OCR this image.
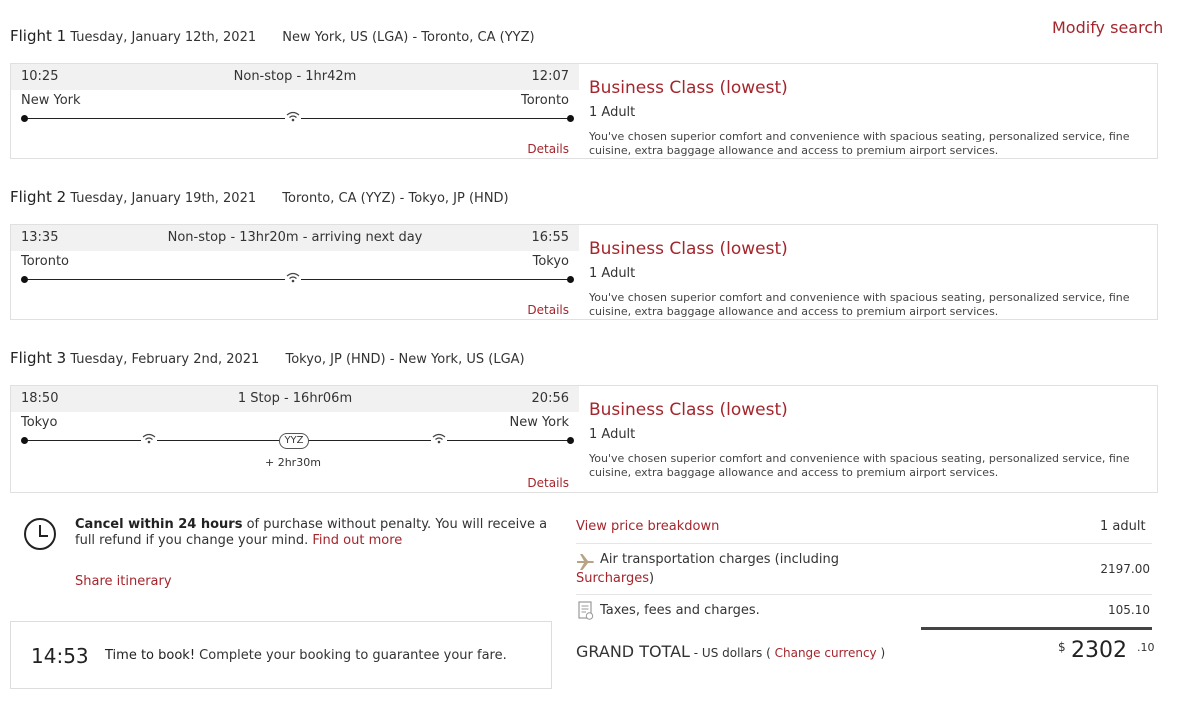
Modify search
Flight 1 Tuesday, January 12th, 2021 New York, US (LGA) - Toronto, CA (YYZ)
10:25	Non-stop - 1hr42m	12:07
New York	Toronto
Details
Business Class (lowest)
1 Adult
You've chosen superior comfort and convenience with spacious seating, personalized service, fine cuisine, extra baggage allowance and access to premium airport services.
Flight 2 Tuesday, January 19th, 2021 Toronto, CA (YYZ) - Tokyo, JP (HND)
13:35	Non-stop - 13hr20m - arriving next day	16:55
Toronto	Tokyo
Details
Business Class (lowest)
1 Adult
You've chosen superior comfort and convenience with spacious seating, personalized service, fine cuisine, extra baggage allowance and access to premium airport services.
Flight 3 Tuesday, February 2nd, 2021 Tokyo, JP (HND) - New York, US (LGA)
18:50	1 Stop - 16hr06m	20:56
Tokyo	New York
YYZ
+ 2hr30m
Details
Business Class (lowest)
1 Adult
You've chosen superior comfort and convenience with spacious seating, personalized service, fine cuisine, extra baggage allowance and access to premium airport services.
Cancel within 24 hours of purchase without penalty. You will receive a full refund if you change your mind. Find out more
Share itinerary
14:53 Time to book! Complete your booking to guarantee your fare.
View price breakdown	1 adult
Air transportation charges (including
Surcharges)
2197.00
Taxes, fees and charges.	105.10
GRAND TOTAL - US dollars ( Change currency )	$ 2302 .10
